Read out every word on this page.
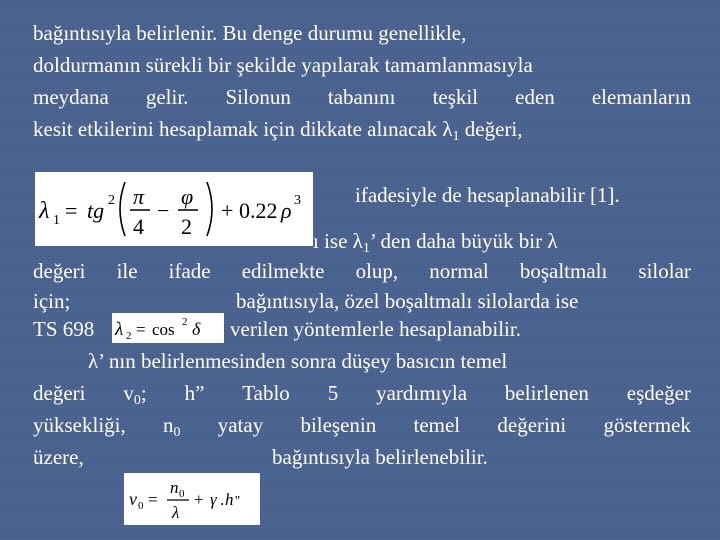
bağıntısıyla belirlenir. Bu denge durumu genellikle,
doldurmanın sürekli bir şekilde yapılarak tamamlanmasıyla
meydana gelir. Silonun tabanını teşkil eden elemanların
kesit etkilerini hesaplamak için dikkate alınacak $\lambda_1$ değeri,
λ 1 = tg 2 π
4
−
φ
2
+ 0.22 ρ 3	ifadesiyle de hesaplanabilir [1].
ı ise $\lambda_1$’ den daha büyük bir λ
değeri ile ifade edilmekte olup, normal boşaltmalı silolar
için;	bağıntısıyla, özel boşaltmalı silolarda ise
TS 698 λ 2 = cos 2 δ verilen yöntemlerle hesaplanabilir.
λ’ nın belirlenmesinden sonra düşey basıcın temel
değeri $v_0$; h” Tablo 5 yardımıyla belirlenen eşdeğer
yüksekliği, $n_0$ yatay bileşenin temel değerini göstermek
üzere,	bağıntısıyla belirlenebilir.
v 0 =
n 0
λ
+ γ . h ''
